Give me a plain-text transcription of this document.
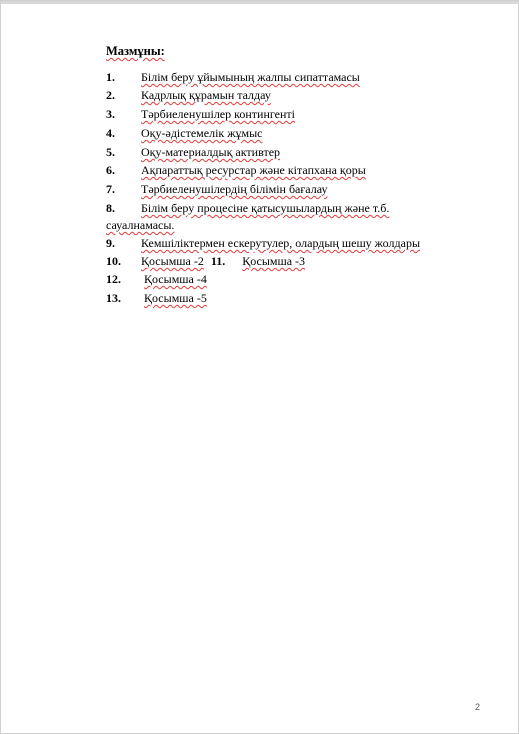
Мазмұны:
1. Білім беру ұйымының жалпы сипаттамасы
2. Кадрлық құрамын талдау
3. Тәрбиеленушілер контингенті
4. Оқу-әдістемелік жұмыс
5. Оқу-материалдық активтер
6. Ақпараттық ресурстар және кітапхана қоры
7. Тәрбиеленушілердің білімін бағалау
8. Білім беру процесіне қатысушылардың және т.б.
сауалнамасы.
9. Кемшіліктермен ескерутулер, олардың шешу жолдары
10. Қосымша -2 11. Қосымша -3
12. Қосымша -4
13. Қосымша -5
2
